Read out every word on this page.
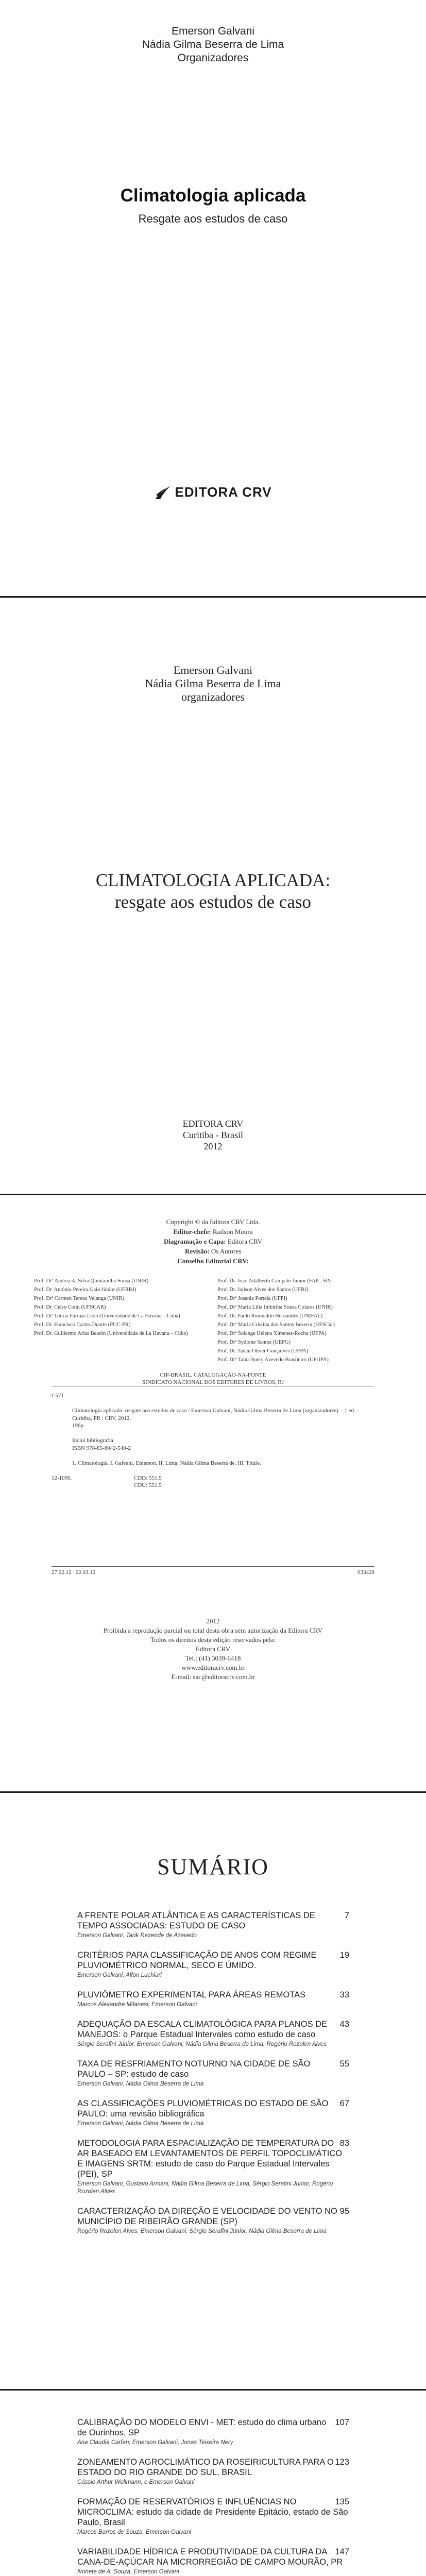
Emerson Galvani
Nádia Gilma Beserra de Lima
Organizadores
Climatologia aplicada
Resgate aos estudos de caso
EDITORA CRV
Emerson Galvani
Nádia Gilma Beserra de Lima
organizadores
CLIMATOLOGIA APLICADA:
resgate aos estudos de caso
EDITORA CRV
Curitiba - Brasil
2012
Copyright © da Editora CRV Ltda.
Editor-chefe: Railson Moura
Diagramação e Capa: Editora CRV
Revisão: Os Autores
Conselho Editorial CRV:
Prof. Drª Andréa da Silva Quintanilha Sousa (UNIR)
Prof. Dr. Antônio Pereira Gaio Júnior (UFRRJ)
Prof. Drª Carmen Tereza Velanga (UNIR)
Prof. Dr. Celso Conti (UFSCAR)
Prof. Drª Gloria Fariñas León (Universidade de La Havana – Cuba)
Prof. Dr. Francisco Carlos Duarte (PUC-PR)
Prof. Dr. Guillermo Arias Beatón (Universidade de La Havana – Cuba)
Prof. Dr. João Adalberto Campato Junior (FAP - SP)
Prof. Dr. Jailson Alves dos Santos (UFRJ)
Prof. Drª Josania Portela (UFPI)
Prof. Drª Maria Lília Imbiriba Sousa Colares (UNIR)
Prof. Dr. Paulo Romualdo Hernandes (UNIFAL)
Prof. Drª Maria Cristina dos Santos Bezerra (UFSCar)
Prof. Drª Solange Helena Ximenes-Rocha (UFPA)
Prof. Drª Sydione Santos (UEPG)
Prof. Dr. Tadeu Oliver Gonçalves (UFPA)
Prof. Drª Tania Suely Azevedo Brasileiro (UFOPA)
CIP-BRASIL. CATALOGAÇÃO-NA-FONTE
SINDICATO NACIONAL DOS EDITORES DE LIVROS, RJ

C571

Climatologia aplicada: resgate aos estudos de caso / Emerson Galvani, Nádia Gilma Beserra de Lima (organizadores). - 1.ed. - Curitiba, PR : CRV, 2012.

196p.

Inclui bibliografia

ISBN 978-85-8042-540-2

1. Climatologia. I. Galvani, Emerson. II. Lima, Nádia Gilma Beserra de. III. Título.

12-1090.	CDD: 551.5
CDU: 551.5
27.02.12 02.03.12	033428
2012
Proibida a reprodução parcial ou total desta obra sem autorização da Editora CRV
Todos os direitos desta edição reservados pela:
Editora CRV
Tel.: (41) 3039-6418
www.editoracrv.com.br
E-mail: sac@editoracrv.com.br
SUMÁRIO
7
A FRENTE POLAR ATLÂNTICA E AS CARACTERÍSTICAS DE TEMPO ASSOCIADAS: ESTUDO DE CASO
Emerson Galvani, Tarik Rezende de Azevedo
19
CRITÉRIOS PARA CLASSIFICAÇÃO DE ANOS COM REGIME PLUVIOMÉTRICO NORMAL, SECO E ÚMIDO.
Emerson Galvani, Alfon Luchiari
33
PLUVIÔMETRO EXPERIMENTAL PARA ÁREAS REMOTAS
Marcos Alexandre Milanesi, Emerson Galvani
43
ADEQUAÇÃO DA ESCALA CLIMATOLÓGICA PARA PLANOS DE MANEJOS: o Parque Estadual Intervales como estudo de caso
Sérgio Serafini Júnior, Emerson Galvani, Nádia Gilma Beserra de Lima, Rogério Rozolen Alves
55
TAXA DE RESFRIAMENTO NOTURNO NA CIDADE DE SÃO PAULO – SP: estudo de caso
Emerson Galvani, Nádia Gilma Beserra de Lima
67
AS CLASSIFICAÇÕES PLUVIOMÉTRICAS DO ESTADO DE SÃO PAULO: uma revisão bibliográfica
Emerson Galvani, Nádia Gilma Beserra de Lima
83
METODOLOGIA PARA ESPACIALIZAÇÃO DE TEMPERATURA DO AR BASEADO EM LEVANTAMENTOS DE PERFIL TOPOCLIMÁTICO E IMAGENS SRTM: estudo de caso do Parque Estadual Intervales (PEI), SP
Emerson Galvani, Gustavo Armani, Nádia Gilma Beserra de Lima, Sérgio Serafini Júnior, Rogério Rozolen Alves
95
CARACTERIZAÇÃO DA DIREÇÃO E VELOCIDADE DO VENTO NO MUNICÍPIO DE RIBEIRÃO GRANDE (SP)
Rogério Rozolen Alves, Emerson Galvani, Sérgio Serafini Júnior, Nádia Gilma Beserra de Lima
107
CALIBRAÇÃO DO MODELO ENVI - MET: estudo do clima urbano de Ourinhos, SP
Ana Claudia Carfan, Emerson Galvani, Jonas Teixeira Nery
123
ZONEAMENTO AGROCLIMÁTICO DA ROSEIRICULTURA PARA O ESTADO DO RIO GRANDE DO SUL, BRASIL
Cássio Arthur Wollmann, e Emerson Galvani
135
FORMAÇÃO DE RESERVATÓRIOS E INFLUÊNCIAS NO MICROCLIMA: estudo da cidade de Presidente Epitácio, estado de São Paulo, Brasil
Marcos Barros de Souza, Emerson Galvani
147
VARIABILIDADE HÍDRICA E PRODUTIVIDADE DA CULTURA DA CANA-DE-AÇÚCAR NA MICRORREGIÃO DE CAMPO MOURÃO, PR
Ivonete de A. Souza, Emerson Galvani
